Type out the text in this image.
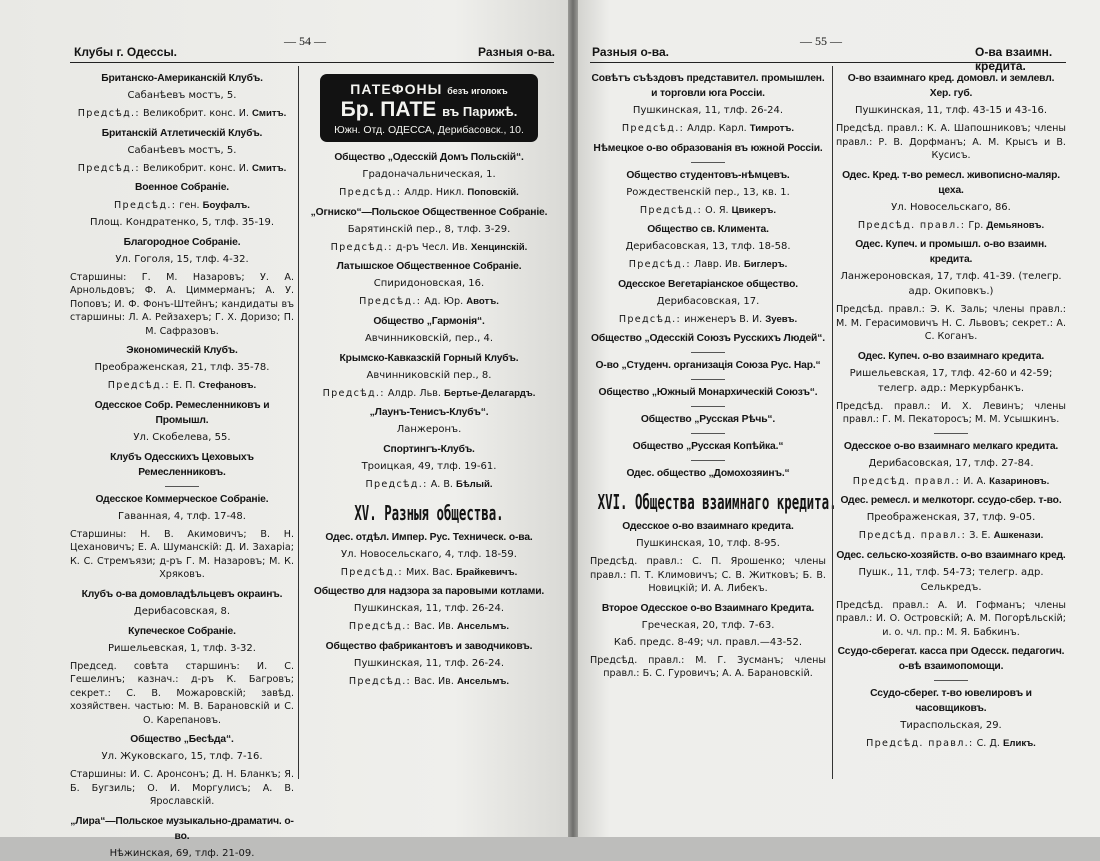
Клубы г. Одессы.
— 54 —
Разныя о-ва.
Британско-Американскій Клубъ.
Сабанѣевъ мостъ, 5.
Предсѣд.: Великобрит. конс. И. Смитъ.
Британскій Атлетическій Клубъ.
Сабанѣевъ мостъ, 5.
Предсѣд.: Великобрит. конс. И. Смитъ.
Военное Собраніе.
Предсѣд.: ген. Боуфалъ.
Площ. Кондратенко, 5, тлф. 35-19.
Благородное Собраніе.
Ул. Гоголя, 15, тлф. 4-32.
Старшины: Г. М. Назаровъ; У. А. Арнольдовъ; Ф. А. Циммерманъ; А. У. Поповъ; И. Ф. Фонъ-Штейнъ; кандидаты въ старшины: Л. А. Рейзахеръ; Г. Х. Доризо; П. М. Сафразовъ.
Экономическій Клубъ.
Преображенская, 21, тлф. 35-78.
Предсѣд.: Е. П. Стефановъ.
Одесское Собр. Ремесленниковъ и Промышл.
Ул. Скобелева, 55.
Клубъ Одесскихъ Цеховыхъ Ремесленниковъ.
Одесское Коммерческое Собраніе.
Гаванная, 4, тлф. 17-48.
Старшины: Н. В. Акимовичъ; В. Н. Цехановичъ; Е. А. Шуманскій: Д. И. Захаріа; К. С. Стремъязи; д-ръ Г. М. Назаровъ; М. К. Хряковъ.
Клубъ о-ва домовладѣльцевъ окраинъ.
Дерибасовская, 8.
Купеческое Собраніе.
Ришельевская, 1, тлф. 3-32.
Председ. совѣта старшинъ: И. С. Гешелинъ; казнач.: д-ръ К. Багровъ; секрет.: С. В. Можаровскій; завѣд. хозяйствен. частью: М. В. Барановскій и С. О. Карепановъ.
Общество „Бесѣда“.
Ул. Жуковскаго, 15, тлф. 7-16.
Старшины: И. С. Аронсонъ; Д. Н. Бланкъ; Я. Б. Бугзиль; О. И. Моргулисъ; А. В. Ярославскій.
„Лира“—Польское музыкально-драматич. о-во.
Нѣжинская, 69, тлф. 21-09.
ПАТЕФОНЫ безъ иголокъ
Бр. ПАТЕ въ Парижѣ.
Южн. Отд. ОДЕССА, Дерибасовск., 10.
Общество „Одесскій Домъ Польскій“.
Градоначальническая, 1.
Предсѣд.: Алдр. Никл. Поповскій.
„Огниско“—Польское Общественное Собраніе.
Барятинскій пер., 8, тлф. 3-29.
Предсѣд.: д-ръ Чесл. Ив. Хенцинскій.
Латышское Общественное Собраніе.
Спиридоновская, 16.
Предсѣд.: Ад. Юр. Авотъ.
Общество „Гармонія“.
Авчинниковскій, пер., 4.
Крымско-Кавказскій Горный Клубъ.
Авчинниковскій пер., 8.
Предсѣд.: Алдр. Льв. Бертье-Делагардъ.
„Лаунъ-Тенисъ-Клубъ“.
Ланжеронъ.
Спортингъ-Клубъ.
Троицкая, 49, тлф. 19-61.
Предсѣд.: А. В. Бѣлый.
XV. Разныя общества.
Одес. отдѣл. Импер. Рус. Техническ. о-ва.
Ул. Новосельскаго, 4, тлф. 18-59.
Предсѣд.: Мих. Вас. Брайкевичъ.
Общество для надзора за паровыми котлами.
Пушкинская, 11, тлф. 26-24.
Предсѣд.: Вас. Ив. Ансельмъ.
Общество фабрикантовъ и заводчиковъ.
Пушкинская, 11, тлф. 26-24.
Предсѣд.: Вас. Ив. Ансельмъ.
Разныя о-ва.
— 55 —
О-ва взаимн. кредита.
Совѣтъ съѣздовъ представител. промышлен. и торговли юга Россіи.
Пушкинская, 11, тлф. 26-24.
Предсѣд.: Алдр. Карл. Тимротъ.
Нѣмецкое о-во образованія въ южной Россіи.
Общество студентовъ-нѣмцевъ.
Рождественскій пер., 13, кв. 1.
Предсѣд.: О. Я. Цвикеръ.
Общество св. Климента.
Дерибасовская, 13, тлф. 18-58.
Предсѣд.: Лавр. Ив. Биглеръ.
Одесское Вегетаріанское общество.
Дерибасовская, 17.
Предсѣд.: инженеръ В. И. Зуевъ.
Общество „Одесскій Союзъ Русскихъ Людей“.
О-во „Студенч. организація Союза Рус. Нар.“
Общество „Южный Монархическій Союзъ“.
Общество „Русская Рѣчь“.
Общество „Русская Копѣйка.“
Одес. общество „Домохозяинъ.“
XVI. Общества взаимнаго кредита.
Одесское о-во взаимнаго кредита.
Пушкинская, 10, тлф. 8-95.
Предсѣд. правл.: С. П. Ярошенко; члены правл.: П. Т. Климовичъ; С. В. Житковъ; Б. В. Новицкій; И. А. Либекъ.
Второе Одесское о-во Взаимнаго Кредита.
Греческая, 20, тлф. 7-63.
Каб. предс. 8-49; чл. правл.—43-52.
Предсѣд. правл.: М. Г. Зусманъ; члены правл.: Б. С. Гуровичъ; А. А. Барановскій.
О-во взаимнаго кред. домовл. и землевл. Хер. губ.
Пушкинская, 11, тлф. 43-15 и 43-16.
Предсѣд. правл.: К. А. Шапошниковъ; члены правл.: Р. В. Дорфманъ; А. М. Крысъ и В. Кусисъ.
Одес. Кред. т-во ремесл. живописно-маляр. цеха.
Ул. Новосельскаго, 86.
Предсѣд. правл.: Гр. Демьяновъ.
Одес. Купеч. и промышл. о-во взаимн. кредита.
Ланжероновская, 17, тлф. 41-39. (телегр. адр. Окиповкъ.)
Предсѣд. правл.: Э. К. Заль; члены правл.: М. М. Герасимовичъ Н. С. Львовъ; секрет.: А. С. Коганъ.
Одес. Купеч. о-во взаимнаго кредита.
Ришельевская, 17, тлф. 42-60 и 42-59; телегр. адр.: Меркурбанкъ.
Предсѣд. правл.: И. Х. Левинъ; члены правл.: Г. М. Пекаторосъ; М. М. Усышкинъ.
Одесское о-во взаимнаго мелкаго кредита.
Дерибасовская, 17, тлф. 27-84.
Предсѣд. правл.: И. А. Казариновъ.
Одес. ремесл. и мелкоторг. ссудо-сбер. т-во.
Преображенская, 37, тлф. 9-05.
Предсѣд. правл.: З. Е. Ашкенази.
Одес. сельско-хозяйств. о-во взаимнаго кред.
Пушк., 11, тлф. 54-73; телегр. адр. Селькредъ.
Предсѣд. правл.: А. И. Гофманъ; члены правл.: И. О. Островскій; А. М. Погорѣльскій; и. о. чл. пр.: М. Я. Бабкинъ.
Ссудо-сберегат. касса при Одесск. педагогич. о-вѣ взаимопомощи.
Ссудо-сберег. т-во ювелировъ и часовщиковъ.
Тираспольская, 29.
Предсѣд. правл.: С. Д. Еликъ.
